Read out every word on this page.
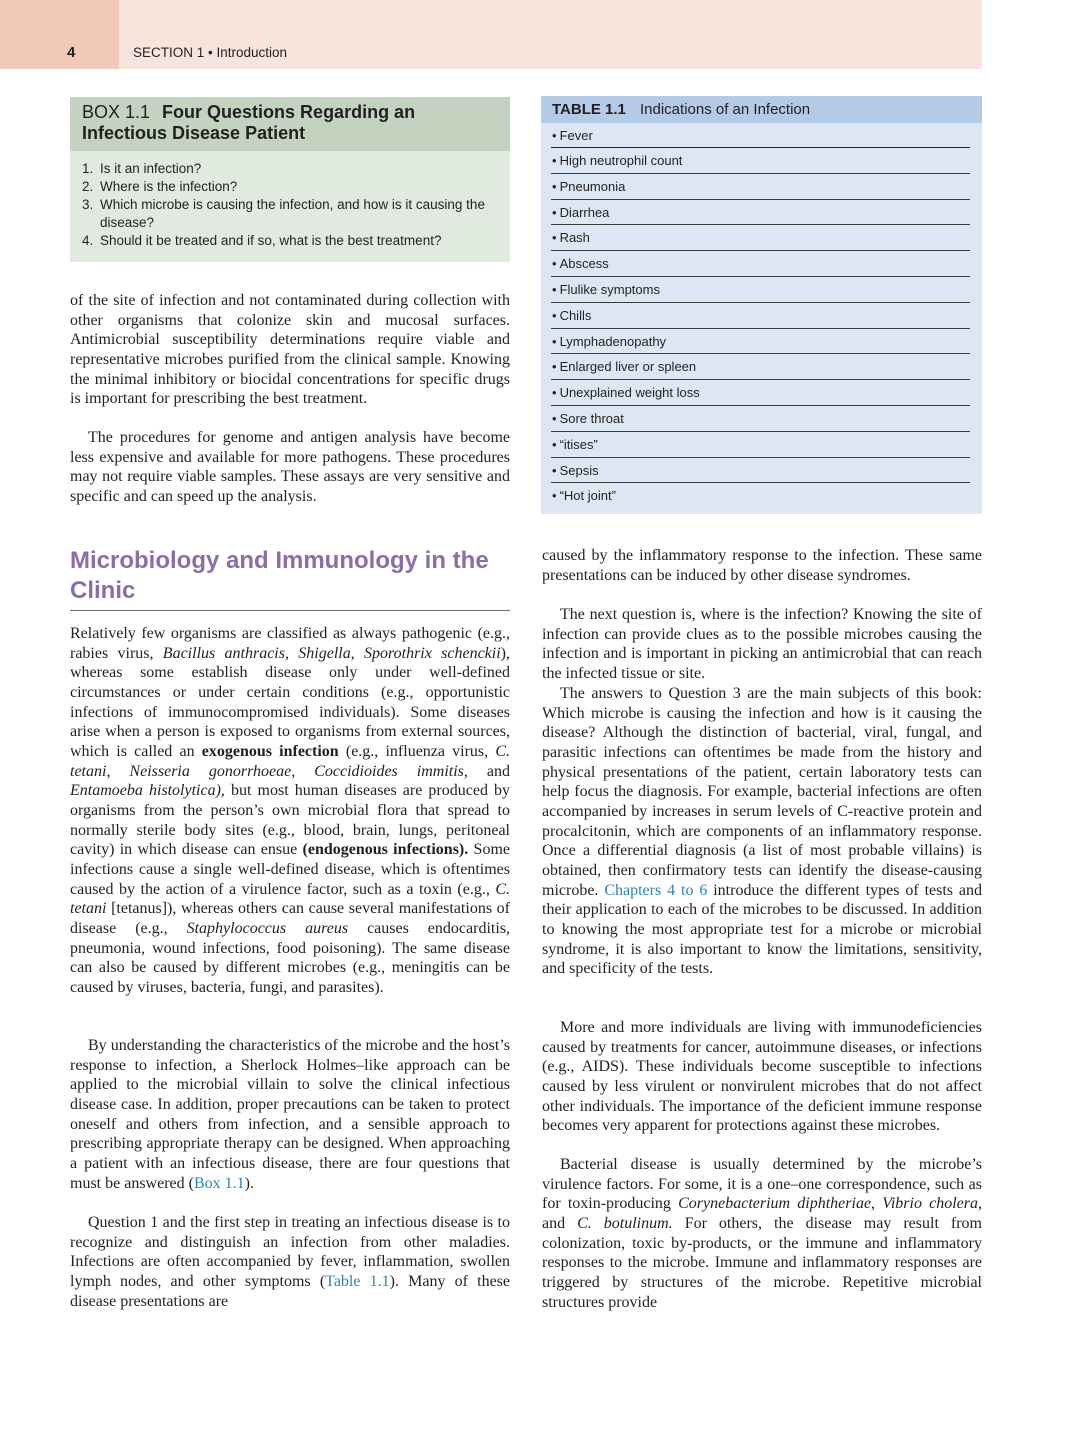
4	SECTION 1 • Introduction
BOX 1.1 Four Questions Regarding an Infectious Disease Patient
1. Is it an infection?
2. Where is the infection?
3. Which microbe is causing the infection, and how is it causing the disease?
4. Should it be treated and if so, what is the best treatment?
TABLE 1.1 Indications of an Infection
• Fever
• High neutrophil count
• Pneumonia
• Diarrhea
• Rash
• Abscess
• Flulike symptoms
• Chills
• Lymphadenopathy
• Enlarged liver or spleen
• Unexplained weight loss
• Sore throat
• “itises”
• Sepsis
• “Hot joint”
of the site of infection and not contaminated during collection with other organisms that colonize skin and mucosal surfaces. Antimicrobial susceptibility determinations require viable and representative microbes purified from the clinical sample. Knowing the minimal inhibitory or biocidal concentrations for specific drugs is important for prescribing the best treatment.
The procedures for genome and antigen analysis have become less expensive and available for more pathogens. These procedures may not require viable samples. These assays are very sensitive and specific and can speed up the analysis.
Microbiology and Immunology in the Clinic
Relatively few organisms are classified as always pathogenic (e.g., rabies virus, Bacillus anthracis, Shigella, Sporothrix schenckii), whereas some establish disease only under well-defined circumstances or under certain conditions (e.g., opportunistic infections of immunocompromised individuals). Some diseases arise when a person is exposed to organisms from external sources, which is called an exogenous infection (e.g., influenza virus, C. tetani, Neisseria gonorrhoeae, Coccidioides immitis, and Entamoeba histolytica), but most human diseases are produced by organisms from the person’s own microbial flora that spread to normally sterile body sites (e.g., blood, brain, lungs, peritoneal cavity) in which disease can ensue (endogenous infections). Some infections cause a single well-defined disease, which is oftentimes caused by the action of a virulence factor, such as a toxin (e.g., C. tetani [tetanus]), whereas others can cause several manifestations of disease (e.g., Staphylococcus aureus causes endocarditis, pneumonia, wound infections, food poisoning). The same disease can also be caused by different microbes (e.g., meningitis can be caused by viruses, bacteria, fungi, and parasites).
By understanding the characteristics of the microbe and the host’s response to infection, a Sherlock Holmes–like approach can be applied to the microbial villain to solve the clinical infectious disease case. In addition, proper precautions can be taken to protect oneself and others from infection, and a sensible approach to prescribing appropriate therapy can be designed. When approaching a patient with an infectious disease, there are four questions that must be answered (Box 1.1).
Question 1 and the first step in treating an infectious disease is to recognize and distinguish an infection from other maladies. Infections are often accompanied by fever, inflammation, swollen lymph nodes, and other symptoms (Table 1.1). Many of these disease presentations are
caused by the inflammatory response to the infection. These same presentations can be induced by other disease syndromes.
The next question is, where is the infection? Knowing the site of infection can provide clues as to the possible microbes causing the infection and is important in picking an antimicrobial that can reach the infected tissue or site.
The answers to Question 3 are the main subjects of this book: Which microbe is causing the infection and how is it causing the disease? Although the distinction of bacterial, viral, fungal, and parasitic infections can oftentimes be made from the history and physical presentations of the patient, certain laboratory tests can help focus the diagnosis. For example, bacterial infections are often accompanied by increases in serum levels of C-reactive protein and procalcitonin, which are components of an inflammatory response. Once a differential diagnosis (a list of most probable villains) is obtained, then confirmatory tests can identify the disease-causing microbe. Chapters 4 to 6 introduce the different types of tests and their application to each of the microbes to be discussed. In addition to knowing the most appropriate test for a microbe or microbial syndrome, it is also important to know the limitations, sensitivity, and specificity of the tests.
More and more individuals are living with immunodeficiencies caused by treatments for cancer, autoimmune diseases, or infections (e.g., AIDS). These individuals become susceptible to infections caused by less virulent or nonvirulent microbes that do not affect other individuals. The importance of the deficient immune response becomes very apparent for protections against these microbes.
Bacterial disease is usually determined by the microbe’s virulence factors. For some, it is a one–one correspondence, such as for toxin-producing Corynebacterium diphtheriae, Vibrio cholera, and C. botulinum. For others, the disease may result from colonization, toxic by-products, or the immune and inflammatory responses to the microbe. Immune and inflammatory responses are triggered by structures of the microbe. Repetitive microbial structures provide
